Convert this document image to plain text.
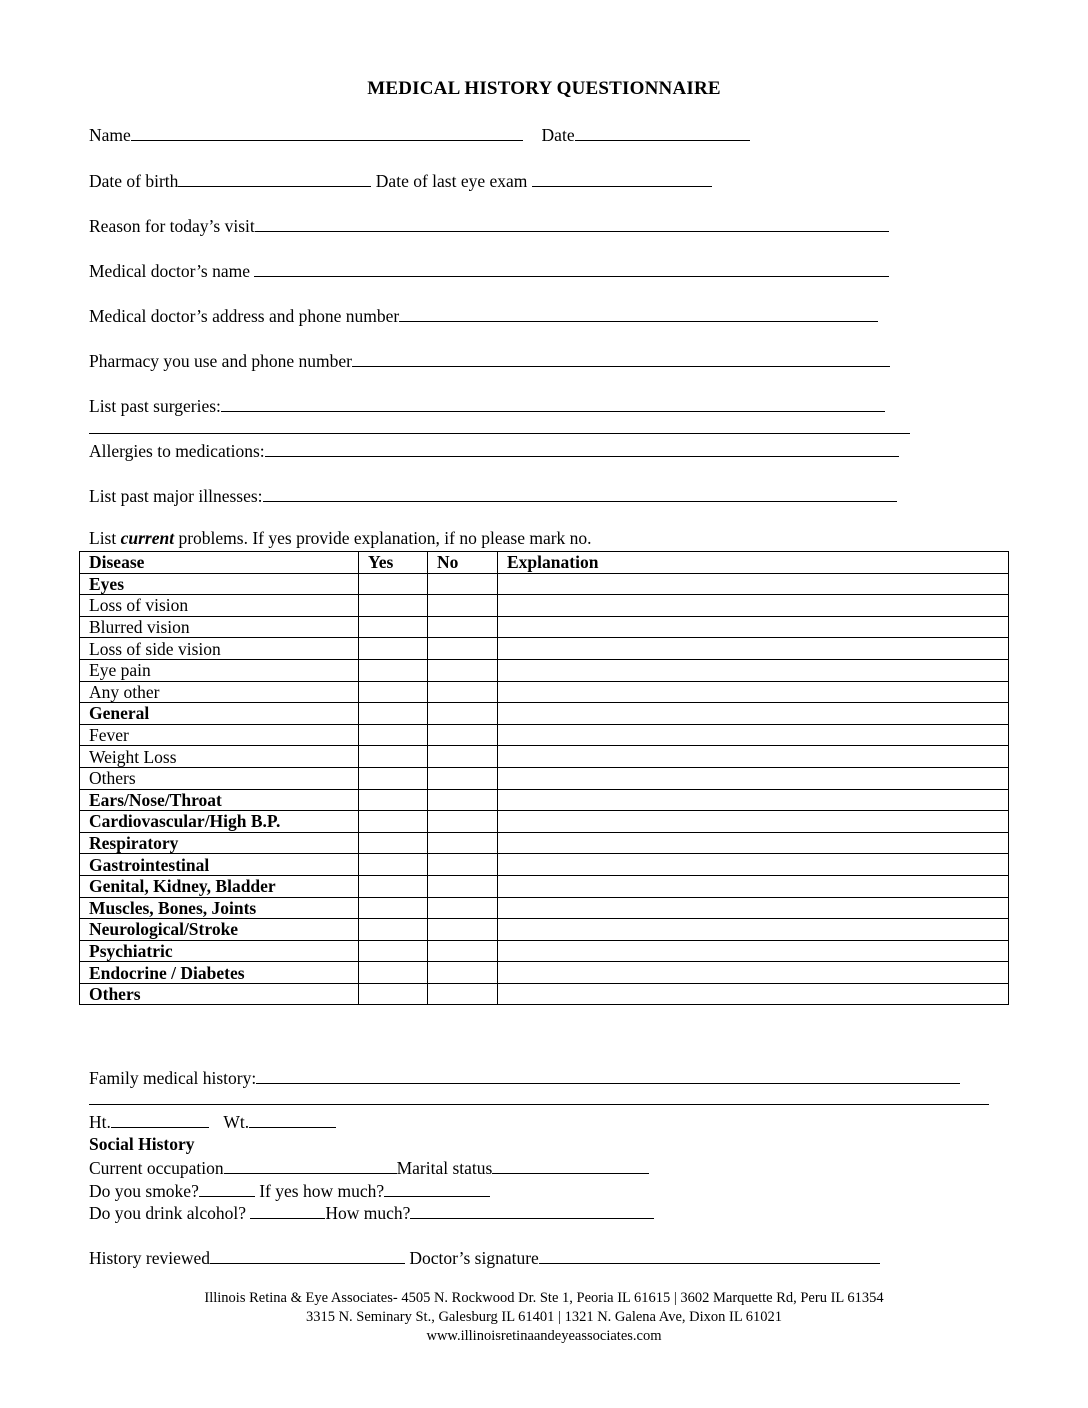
MEDICAL HISTORY QUESTIONNAIRE
Name	Date
Date of birth	Date of last eye exam
Reason for today’s visit
Medical doctor’s name
Medical doctor’s address and phone number
Pharmacy you use and phone number
List past surgeries:
Allergies to medications:
List past major illnesses:
List current problems. If yes provide explanation, if no please mark no.
Disease	Yes	No	Explanation
Eyes			
Loss of vision			
Blurred vision			
Loss of side vision			
Eye pain			
Any other			
General			
Fever			
Weight Loss			
Others			
Ears/Nose/Throat			
Cardiovascular/High B.P.			
Respiratory			
Gastrointestinal			
Genital, Kidney, Bladder			
Muscles, Bones, Joints			
Neurological/Stroke			
Psychiatric			
Endocrine / Diabetes			
Others			
Family medical history:
Ht.	Wt.
Social History
Current occupation	Marital status
Do you smoke?	If yes how much?
Do you drink alcohol?	How much?
History reviewed	Doctor’s signature
Illinois Retina & Eye Associates- 4505 N. Rockwood Dr. Ste 1, Peoria IL 61615 | 3602 Marquette Rd, Peru IL 61354
3315 N. Seminary St., Galesburg IL 61401 | 1321 N. Galena Ave, Dixon IL 61021
www.illinoisretinaandeyeassociates.com
